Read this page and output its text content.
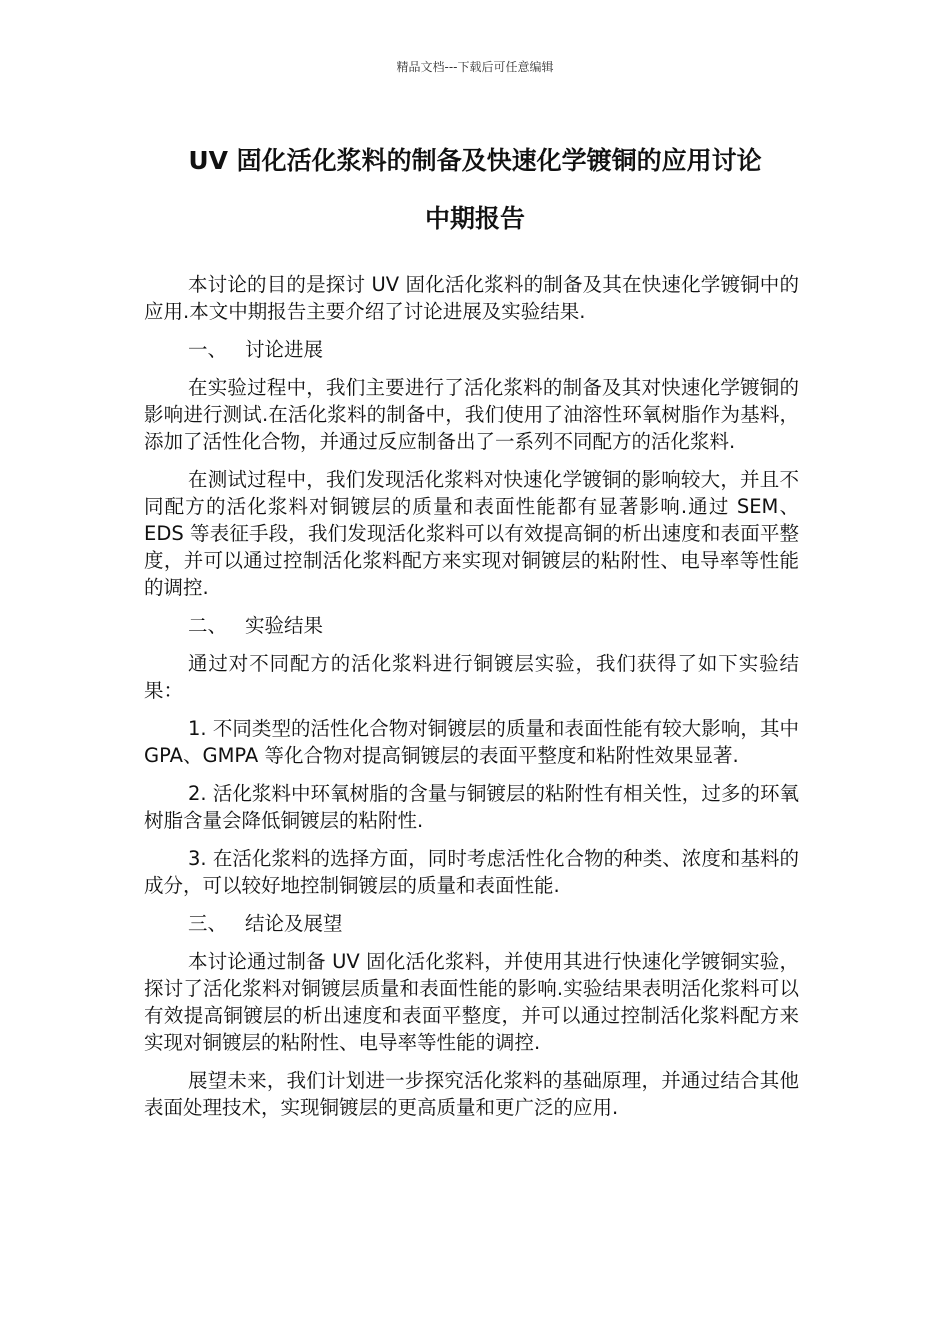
精品文档---下载后可任意编辑
UV 固化活化浆料的制备及快速化学镀铜的应用讨论
中期报告

本讨论的目的是探讨 UV 固化活化浆料的制备及其在快速化学镀铜中的应用.本文中期报告主要介绍了讨论进展及实验结果.

一、 讨论进展

在实验过程中，我们主要进行了活化浆料的制备及其对快速化学镀铜的影响进行测试.在活化浆料的制备中，我们使用了油溶性环氧树脂作为基料，添加了活性化合物，并通过反应制备出了一系列不同配方的活化浆料.

在测试过程中，我们发现活化浆料对快速化学镀铜的影响较大，并且不同配方的活化浆料对铜镀层的质量和表面性能都有显著影响.通过 SEM、EDS 等表征手段，我们发现活化浆料可以有效提高铜的析出速度和表面平整度，并可以通过控制活化浆料配方来实现对铜镀层的粘附性、电导率等性能的调控.

二、 实验结果

通过对不同配方的活化浆料进行铜镀层实验，我们获得了如下实验结果：

1. 不同类型的活性化合物对铜镀层的质量和表面性能有较大影响，其中 GPA、GMPA 等化合物对提高铜镀层的表面平整度和粘附性效果显著.

2. 活化浆料中环氧树脂的含量与铜镀层的粘附性有相关性，过多的环氧树脂含量会降低铜镀层的粘附性.

3. 在活化浆料的选择方面，同时考虑活性化合物的种类、浓度和基料的成分，可以较好地控制铜镀层的质量和表面性能.

三、 结论及展望

本讨论通过制备 UV 固化活化浆料，并使用其进行快速化学镀铜实验，探讨了活化浆料对铜镀层质量和表面性能的影响.实验结果表明活化浆料可以有效提高铜镀层的析出速度和表面平整度，并可以通过控制活化浆料配方来实现对铜镀层的粘附性、电导率等性能的调控.

展望未来，我们计划进一步探究活化浆料的基础原理，并通过结合其他表面处理技术，实现铜镀层的更高质量和更广泛的应用.
